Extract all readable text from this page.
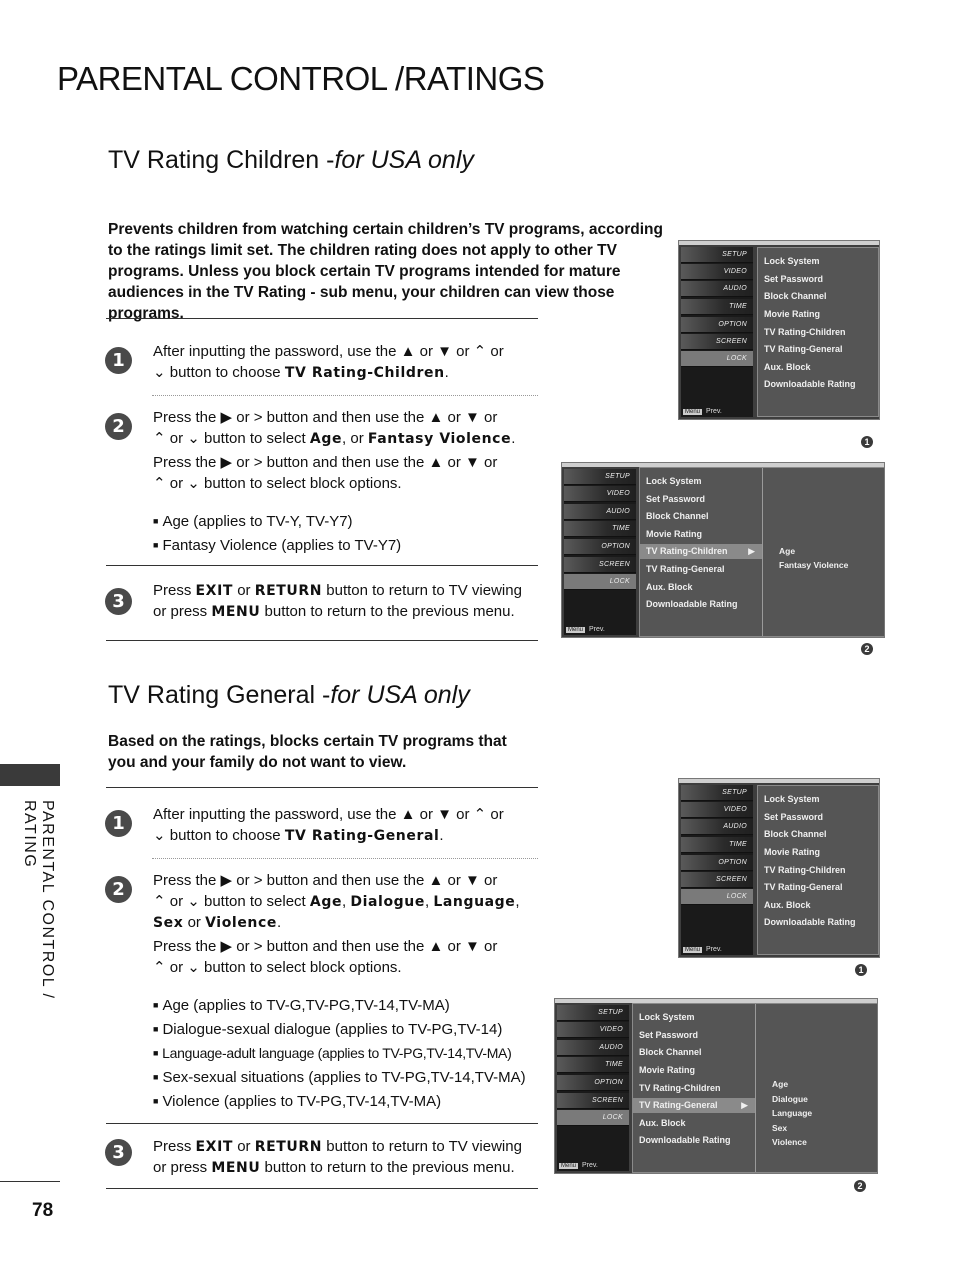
PARENTAL CONTROL /RATINGS
TV Rating Children -for USA only
Prevents children from watching certain children’s TV programs, according to the ratings limit set. The children rating does not apply to other TV programs. Unless you block certain TV programs intended for mature audiences in the TV Rating - sub menu, your children can view those programs.
1	After inputting the password, use the ▲ or ▼ or ⌃ or
⌄ button to choose TV Rating-Children.
2	Press the ▶ or > button and then use the ▲ or ▼ or
⌃ or ⌄ button to select Age, or Fantasy Violence.
Press the ▶ or > button and then use the ▲ or ▼ or
⌃ or ⌄ button to select block options.
■ Age (applies to TV-Y, TV-Y7)
■ Fantasy Violence (applies to TV-Y7)
3
Press EXIT or RETURN button to return to TV viewing
or press MENU button to return to the previous menu.
SETUP
VIDEO
AUDIO
TIME
OPTION
SCREEN
LOCK
Lock System
Set Password
Block Channel
Movie Rating
TV Rating-Children
TV Rating-General
Aux. Block
Downloadable Rating
Menu Prev.
1
SETUP
VIDEO
AUDIO
TIME
OPTION
SCREEN
LOCK
Lock System
Set Password
Block Channel
Movie Rating
TV Rating-Children ▶
TV Rating-General
Aux. Block
Downloadable Rating
Age
Fantasy Violence
Menu Prev.
2
TV Rating General -for USA only
Based on the ratings, blocks certain TV programs that you and your family do not want to view.
1	After inputting the password, use the ▲ or ▼ or ⌃ or
⌄ button to choose TV Rating-General.
2	Press the ▶ or > button and then use the ▲ or ▼ or
⌃ or ⌄ button to select Age, Dialogue, Language,
Sex or Violence.
Press the ▶ or > button and then use the ▲ or ▼ or
⌃ or ⌄ button to select block options.
■ Age (applies to TV-G,TV-PG,TV-14,TV-MA)
■ Dialogue-sexual dialogue (applies to TV-PG,TV-14)
■ Language-adult language (applies to TV-PG,TV-14,TV-MA)
■ Sex-sexual situations (applies to TV-PG,TV-14,TV-MA)
■ Violence (applies to TV-PG,TV-14,TV-MA)
3	Press EXIT or RETURN button to return to TV viewing
or press MENU button to return to the previous menu.
SETUP
VIDEO
AUDIO
TIME
OPTION
SCREEN
LOCK
Lock System
Set Password
Block Channel
Movie Rating
TV Rating-Children
TV Rating-General
Aux. Block
Downloadable Rating
Menu Prev.
1
SETUP
VIDEO
AUDIO
TIME
OPTION
SCREEN
LOCK
Lock System
Set Password
Block Channel
Movie Rating
TV Rating-Children
TV Rating-General	▶
Aux. Block
Downloadable Rating
Age
Dialogue
Language
Sex
Violence
Menu Prev.
2
PARENTAL CONTROL / RATING
78
